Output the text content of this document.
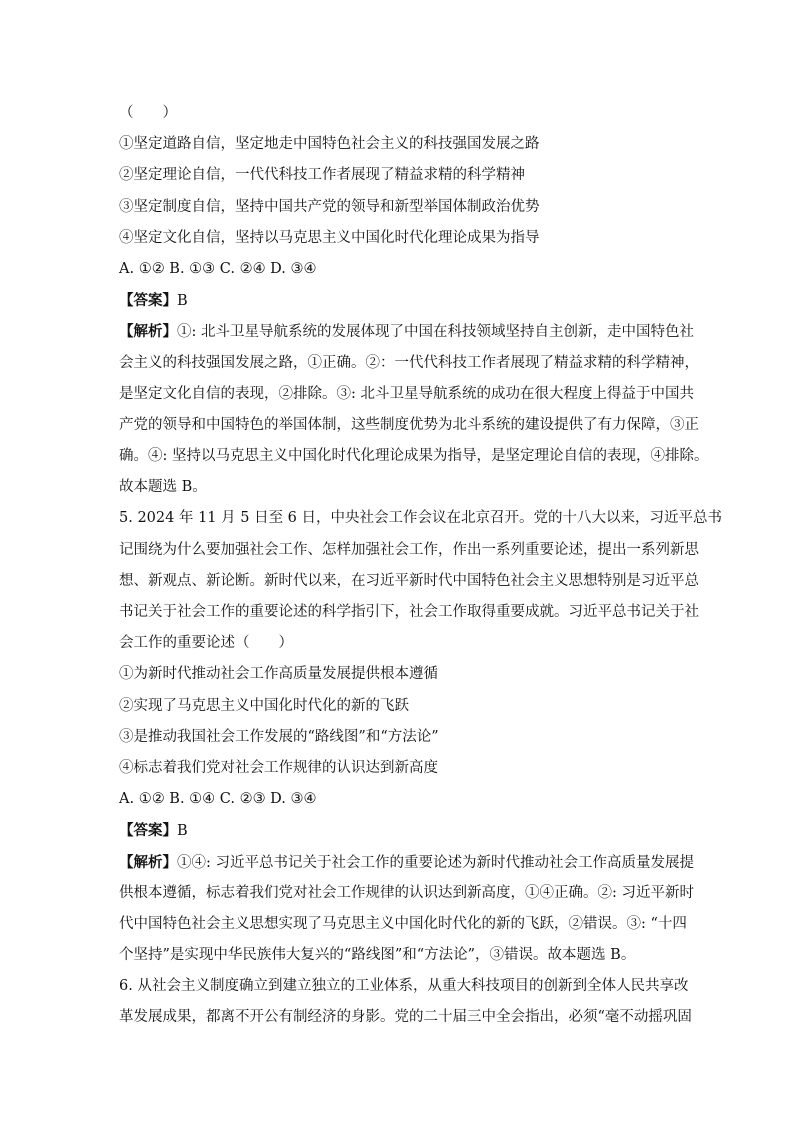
（　　）
①坚定道路自信，坚定地走中国特色社会主义的科技强国发展之路
②坚定理论自信，一代代科技工作者展现了精益求精的科学精神
③坚定制度自信，坚持中国共产党的领导和新型举国体制政治优势
④坚定文化自信，坚持以马克思主义中国化时代化理论成果为指导
A. ①② B. ①③ C. ②④ D. ③④
【答案】B
【解析】①: 北斗卫星导航系统的发展体现了中国在科技领域坚持自主创新，走中国特色社
会主义的科技强国发展之路，①正确。②：一代代科技工作者展现了精益求精的科学精神，
是坚定文化自信的表现，②排除。③: 北斗卫星导航系统的成功在很大程度上得益于中国共
产党的领导和中国特色的举国体制，这些制度优势为北斗系统的建设提供了有力保障，③正
确。④: 坚持以马克思主义中国化时代化理论成果为指导，是坚定理论自信的表现，④排除。
故本题选 B。
5. 2024 年 11 月 5 日至 6 日，中央社会工作会议在北京召开。党的十八大以来，习近平总书
记围绕为什么要加强社会工作、怎样加强社会工作，作出一系列重要论述，提出一系列新思
想、新观点、新论断。新时代以来，在习近平新时代中国特色社会主义思想特别是习近平总
书记关于社会工作的重要论述的科学指引下，社会工作取得重要成就。习近平总书记关于社
会工作的重要论述（　　）
①为新时代推动社会工作高质量发展提供根本遵循
②实现了马克思主义中国化时代化的新的飞跃
③是推动我国社会工作发展的“路线图”和“方法论”
④标志着我们党对社会工作规律的认识达到新高度
A. ①② B. ①④ C. ②③ D. ③④
【答案】B
【解析】①④: 习近平总书记关于社会工作的重要论述为新时代推动社会工作高质量发展提
供根本遵循，标志着我们党对社会工作规律的认识达到新高度，①④正确。②: 习近平新时
代中国特色社会主义思想实现了马克思主义中国化时代化的新的飞跃，②错误。③: “十四
个坚持”是实现中华民族伟大复兴的“路线图”和“方法论”，③错误。故本题选 B。
6. 从社会主义制度确立到建立独立的工业体系，从重大科技项目的创新到全体人民共享改
革发展成果，都离不开公有制经济的身影。党的二十届三中全会指出，必须“毫不动摇巩固
